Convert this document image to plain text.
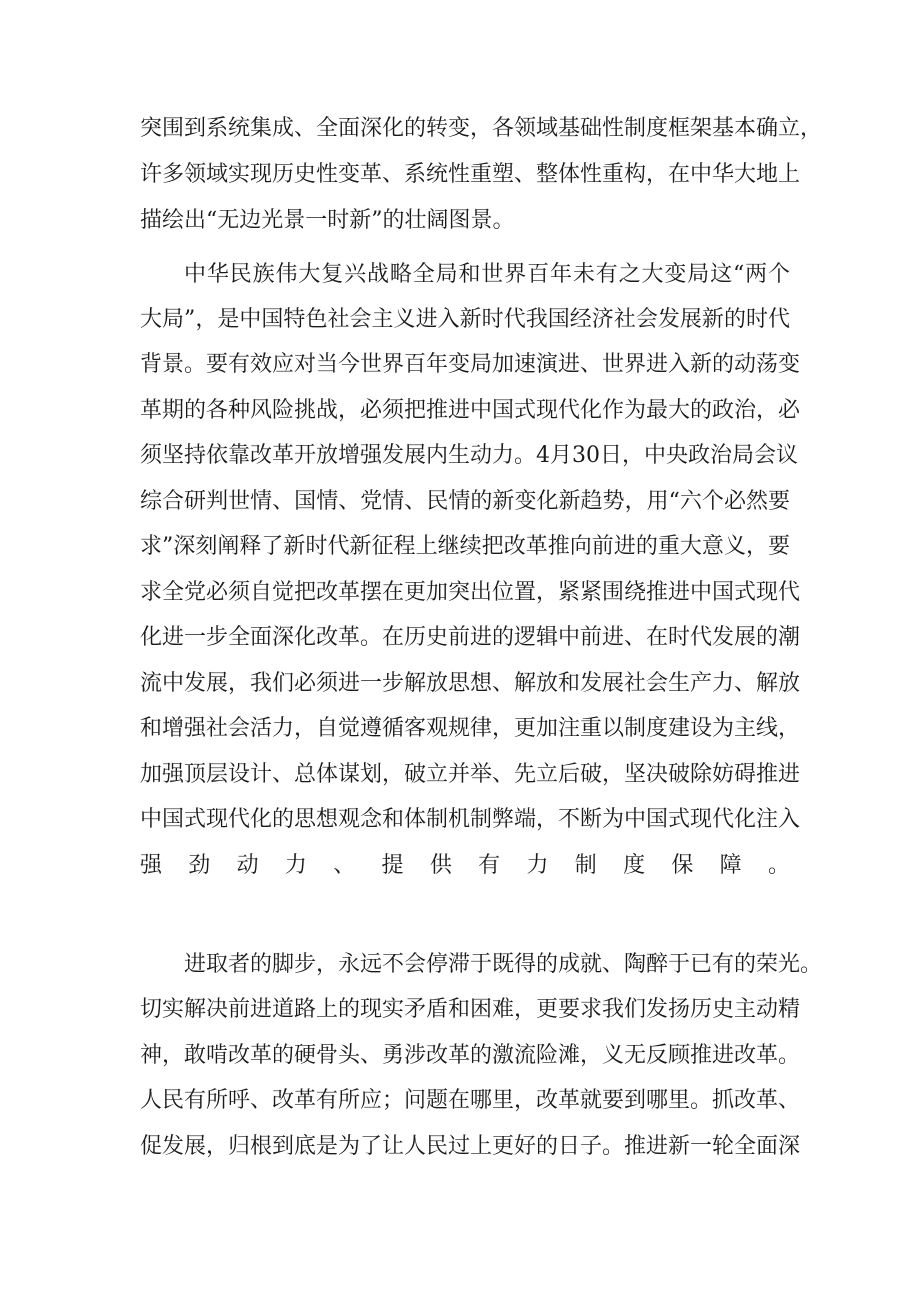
突围到系统集成、全面深化的转变，各领域基础性制度框架基本确立，
许多领域实现历史性变革、系统性重塑、整体性重构，在中华大地上
描绘出“无边光景一时新”的壮阔图景。
中华民族伟大复兴战略全局和世界百年未有之大变局这“两个
大局”，是中国特色社会主义进入新时代我国经济社会发展新的时代
背景。要有效应对当今世界百年变局加速演进、世界进入新的动荡变
革期的各种风险挑战，必须把推进中国式现代化作为最大的政治，必
须坚持依靠改革开放增强发展内生动力。4月30日，中央政治局会议
综合研判世情、国情、党情、民情的新变化新趋势，用“六个必然要
求”深刻阐释了新时代新征程上继续把改革推向前进的重大意义，要
求全党必须自觉把改革摆在更加突出位置，紧紧围绕推进中国式现代
化进一步全面深化改革。在历史前进的逻辑中前进、在时代发展的潮
流中发展，我们必须进一步解放思想、解放和发展社会生产力、解放
和增强社会活力，自觉遵循客观规律，更加注重以制度建设为主线，
加强顶层设计、总体谋划，破立并举、先立后破，坚决破除妨碍推进
中国式现代化的思想观念和体制机制弊端，不断为中国式现代化注入
强劲动力、提供有力制度保障。
进取者的脚步，永远不会停滞于既得的成就、陶醉于已有的荣光。
切实解决前进道路上的现实矛盾和困难，更要求我们发扬历史主动精
神，敢啃改革的硬骨头、勇涉改革的激流险滩，义无反顾推进改革。
人民有所呼、改革有所应；问题在哪里，改革就要到哪里。抓改革、
促发展，归根到底是为了让人民过上更好的日子。推进新一轮全面深
